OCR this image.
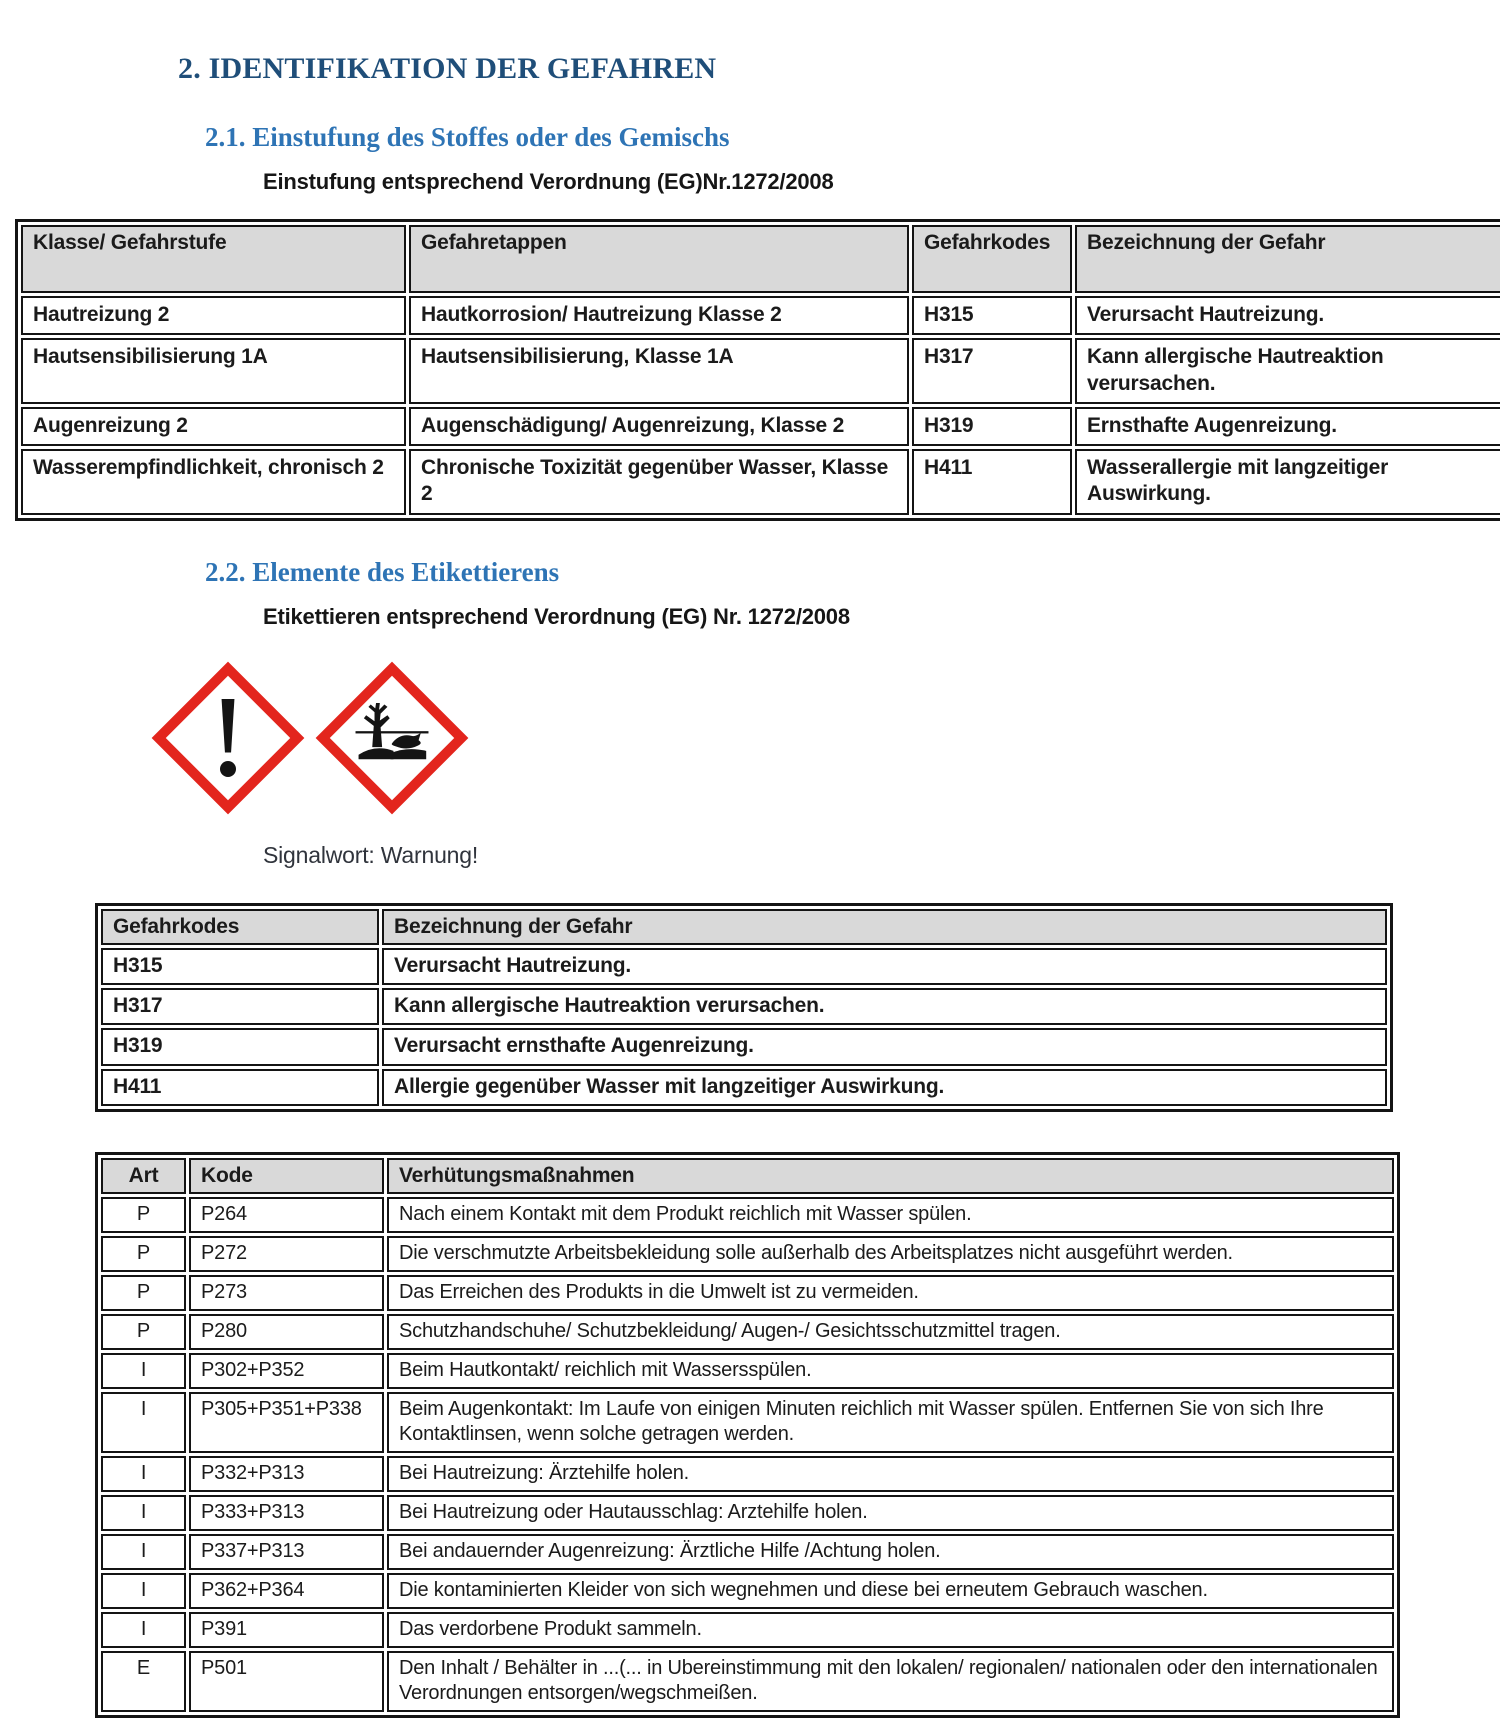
2. IDENTIFIKATION DER GEFAHREN
2.1. Einstufung des Stoffes oder des Gemischs

Einstufung entsprechend Verordnung (EG)Nr.1272/2008

Klasse/ Gefahrstufe	Gefahretappen	Gefahrkodes	Bezeichnung der Gefahr
Hautreizung 2	Hautkorrosion/ Hautreizung Klasse 2	H315	Verursacht Hautreizung.
Hautsensibilisierung 1A	Hautsensibilisierung, Klasse 1A	H317	Kann allergische Hautreaktion verursachen.
Augenreizung 2	Augenschädigung/ Augenreizung, Klasse 2	H319	Ernsthafte Augenreizung.
Wasserempfindlichkeit, chronisch 2	Chronische Toxizität gegenüber Wasser, Klasse 2	H411	Wasserallergie mit langzeitiger Auswirkung.
2.2. Elemente des Etikettierens

Etikettieren entsprechend Verordnung (EG) Nr. 1272/2008

Signalwort: Warnung!

Gefahrkodes	Bezeichnung der Gefahr
H315	Verursacht Hautreizung.
H317	Kann allergische Hautreaktion verursachen.
H319	Verursacht ernsthafte Augenreizung.
H411	Allergie gegenüber Wasser mit langzeitiger Auswirkung.
Art	Kode	Verhütungsmaßnahmen
P	P264	Nach einem Kontakt mit dem Produkt reichlich mit Wasser spülen.
P	P272	Die verschmutzte Arbeitsbekleidung solle außerhalb des Arbeitsplatzes nicht ausgeführt werden.
P	P273	Das Erreichen des Produkts in die Umwelt ist zu vermeiden.
P	P280	Schutzhandschuhe/ Schutzbekleidung/ Augen-/ Gesichtsschutzmittel tragen.
I	P302+P352	Beim Hautkontakt/ reichlich mit Wassersspülen.
I	P305+P351+P338	Beim Augenkontakt: Im Laufe von einigen Minuten reichlich mit Wasser spülen. Entfernen Sie von sich Ihre Kontaktlinsen, wenn solche getragen werden.
I	P332+P313	Bei Hautreizung: Ärztehilfe holen.
I	P333+P313	Bei Hautreizung oder Hautausschlag: Arztehilfe holen.
I	P337+P313	Bei andauernder Augenreizung: Ärztliche Hilfe /Achtung holen.
I	P362+P364	Die kontaminierten Kleider von sich wegnehmen und diese bei erneutem Gebrauch waschen.
I	P391	Das verdorbene Produkt sammeln.
E	P501	Den Inhalt / Behälter in ...(... in Ubereinstimmung mit den lokalen/ regionalen/ nationalen oder den internationalen Verordnungen entsorgen/wegschmeißen.
